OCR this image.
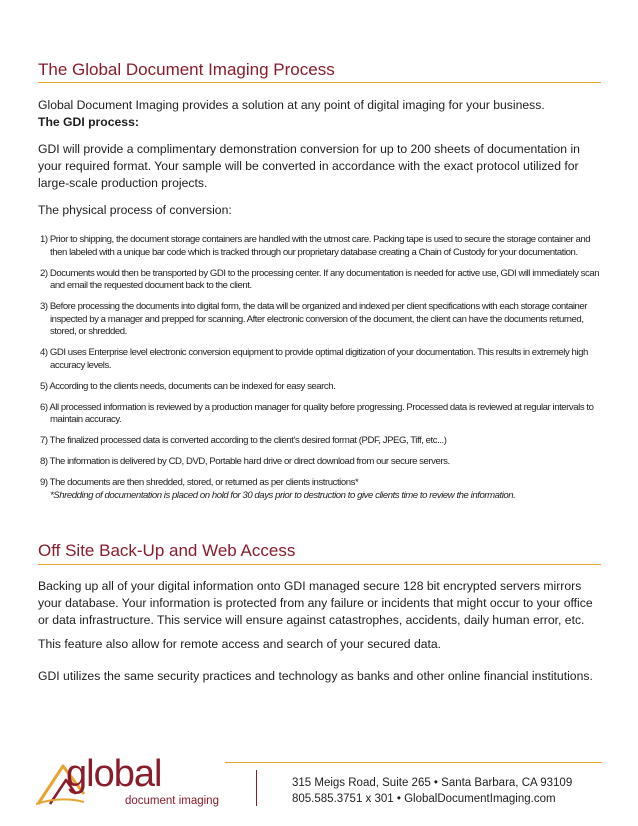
The Global Document Imaging Process

Global Document Imaging provides a solution at any point of digital imaging for your business.

The GDI process:

GDI will provide a complimentary demonstration conversion for up to 200 sheets of documentation in your required format. Your sample will be converted in accordance with the exact protocol utilized for large-scale production projects.

The physical process of conversion:

1) Prior to shipping, the document storage containers are handled with the utmost care. Packing tape is used to secure the storage container and then labeled with a unique bar code which is tracked through our proprietary database creating a Chain of Custody for your documentation.
2) Documents would then be transported by GDI to the processing center. If any documentation is needed for active use, GDI will immediately scan and email the requested document back to the client.
3) Before processing the documents into digital form, the data will be organized and indexed per client specifications with each storage container inspected by a manager and prepped for scanning. After electronic conversion of the document, the client can have the documents returned, stored, or shredded.
4) GDI uses Enterprise level electronic conversion equipment to provide optimal digitization of your documentation. This results in extremely high accuracy levels.
5) According to the clients needs, documents can be indexed for easy search.
6) All processed information is reviewed by a production manager for quality before progressing. Processed data is reviewed at regular intervals to maintain accuracy.
7) The finalized processed data is converted according to the client’s desired format (PDF, JPEG, Tiff, etc...)
8) The information is delivered by CD, DVD, Portable hard drive or direct download from our secure servers.
9) The documents are then shredded, stored, or returned as per clients instructions*
*Shredding of documentation is placed on hold for 30 days prior to destruction to give clients time to review the information.
Off Site Back-Up and Web Access

Backing up all of your digital information onto GDI managed secure 128 bit encrypted servers mirrors your database. Your information is protected from any failure or incidents that might occur to your office or data infrastructure. This service will ensure against catastrophes, accidents, daily human error, etc.

This feature also allow for remote access and search of your secured data.

GDI utilizes the same security practices and technology as banks and other online financial institutions.

global
document imaging
315 Meigs Road, Suite 265 • Santa Barbara, CA 93109
805.585.3751 x 301 • GlobalDocumentImaging.com
